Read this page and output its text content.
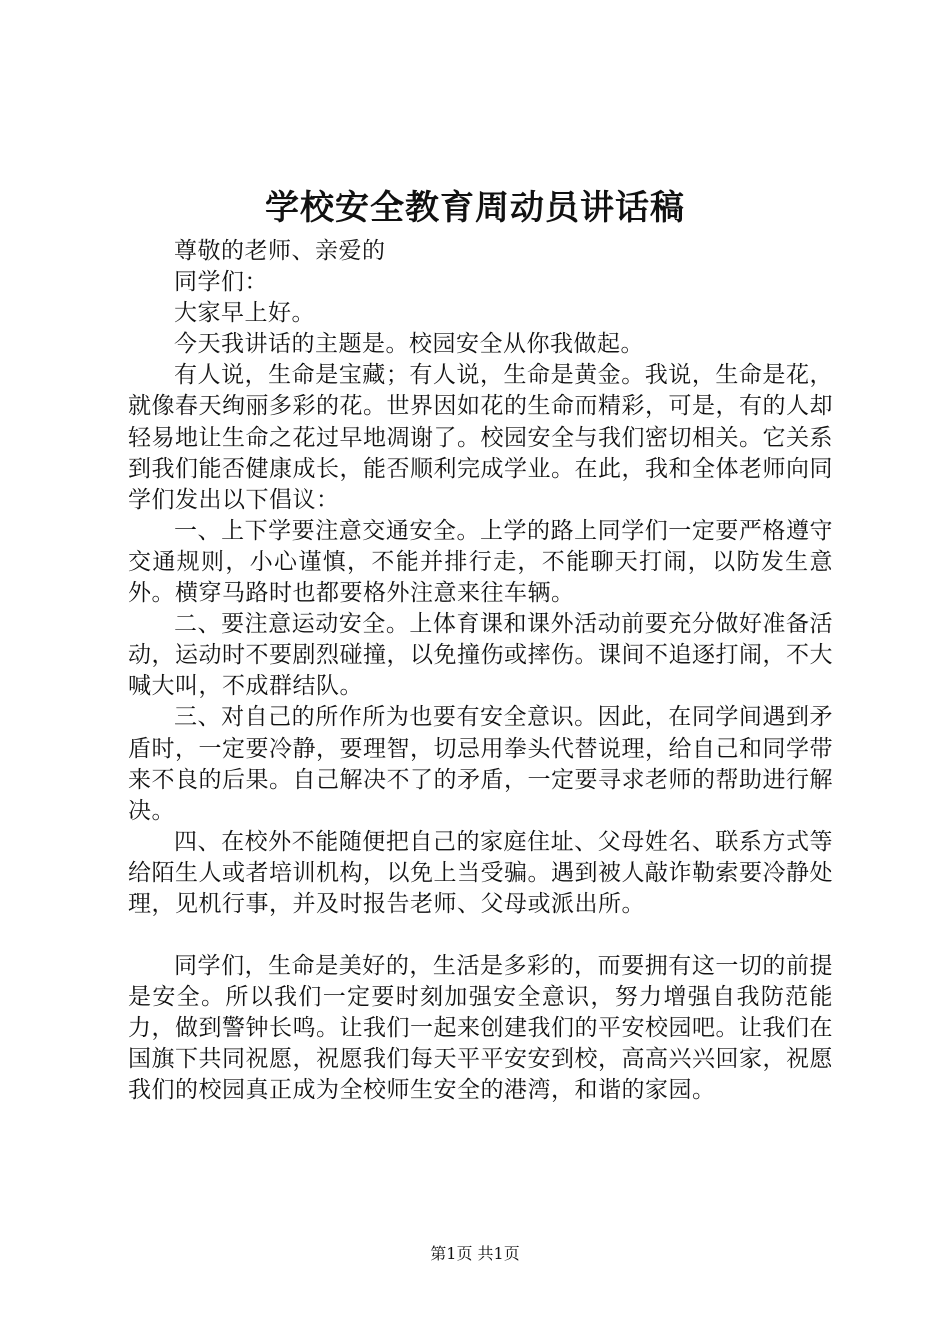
学校安全教育周动员讲话稿

尊敬的老师、亲爱的

同学们：

大家早上好。

今天我讲话的主题是。校园安全从你我做起。

有人说，生命是宝藏；有人说，生命是黄金。我说，生命是花，就像春天绚丽多彩的花。世界因如花的生命而精彩，可是，有的人却轻易地让生命之花过早地凋谢了。校园安全与我们密切相关。它关系到我们能否健康成长，能否顺利完成学业。在此，我和全体老师向同学们发出以下倡议：

一、上下学要注意交通安全。上学的路上同学们一定要严格遵守交通规则，小心谨慎，不能并排行走，不能聊天打闹，以防发生意外。横穿马路时也都要格外注意来往车辆。

二、要注意运动安全。上体育课和课外活动前要充分做好准备活动，运动时不要剧烈碰撞，以免撞伤或摔伤。课间不追逐打闹，不大喊大叫，不成群结队。

三、对自己的所作所为也要有安全意识。因此，在同学间遇到矛盾时，一定要冷静，要理智，切忌用拳头代替说理，给自己和同学带来不良的后果。自己解决不了的矛盾，一定要寻求老师的帮助进行解决。

四、在校外不能随便把自己的家庭住址、父母姓名、联系方式等给陌生人或者培训机构，以免上当受骗。遇到被人敲诈勒索要冷静处理，见机行事，并及时报告老师、父母或派出所。

同学们，生命是美好的，生活是多彩的，而要拥有这一切的前提是安全。所以我们一定要时刻加强安全意识，努力增强自我防范能力，做到警钟长鸣。让我们一起来创建我们的平安校园吧。让我们在国旗下共同祝愿，祝愿我们每天平平安安到校，高高兴兴回家，祝愿我们的校园真正成为全校师生安全的港湾，和谐的家园。

第1页 共1页
